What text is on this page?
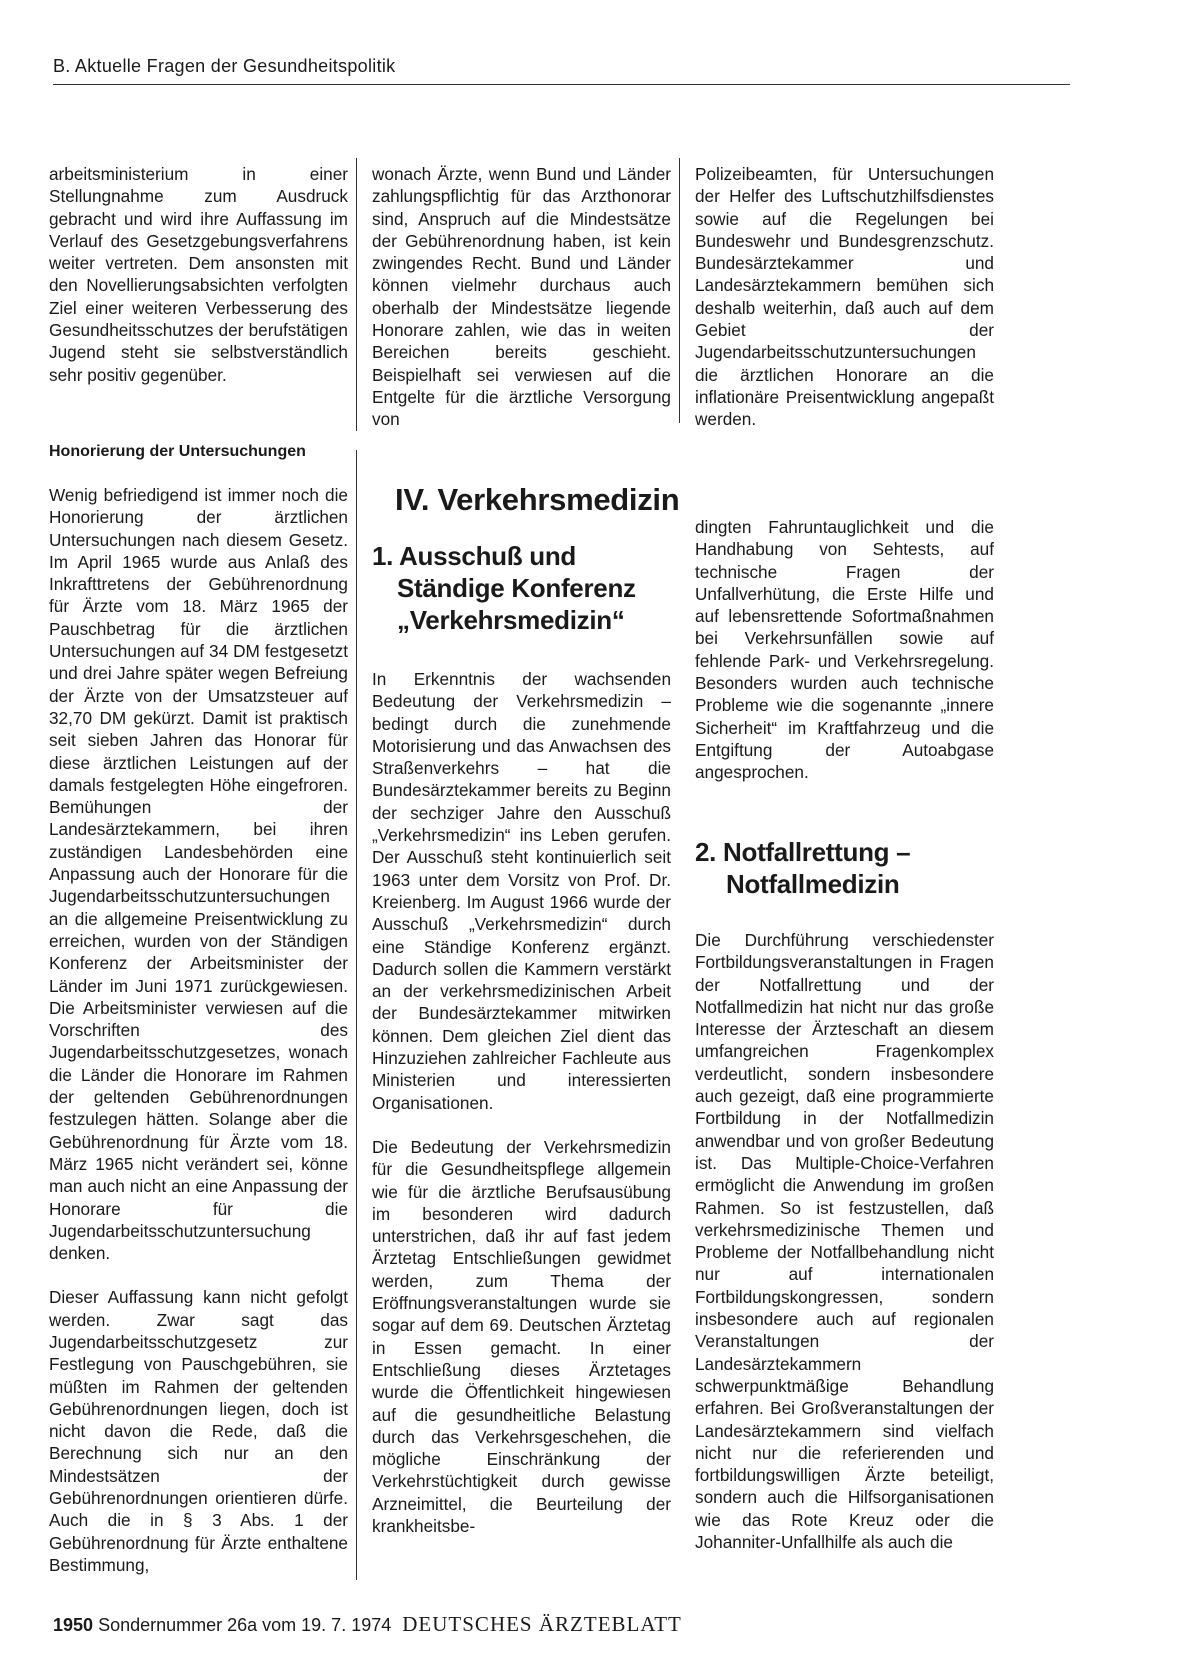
B. Aktuelle Fragen der Gesundheitspolitik

arbeitsministerium in einer Stellungnahme zum Ausdruck gebracht und wird ihre Auffassung im Verlauf des Gesetzgebungsverfahrens weiter vertreten. Dem ansonsten mit den Novellierungsabsichten verfolgten Ziel einer weiteren Verbesserung des Gesundheitsschutzes der berufstätigen Jugend steht sie selbstverständlich sehr positiv gegenüber.

Honorierung der Untersuchungen

Wenig befriedigend ist immer noch die Honorierung der ärztlichen Untersuchungen nach diesem Gesetz. Im April 1965 wurde aus Anlaß des Inkrafttretens der Gebührenordnung für Ärzte vom 18. März 1965 der Pauschbetrag für die ärztlichen Untersuchungen auf 34 DM festgesetzt und drei Jahre später wegen Befreiung der Ärzte von der Umsatzsteuer auf 32,70 DM gekürzt. Damit ist praktisch seit sieben Jahren das Honorar für diese ärztlichen Leistungen auf der damals festgelegten Höhe eingefroren. Bemühungen der Landesärztekammern, bei ihren zuständigen Landesbehörden eine Anpassung auch der Honorare für die Jugendarbeitsschutzuntersuchungen an die allgemeine Preisentwicklung zu erreichen, wurden von der Ständigen Konferenz der Arbeitsminister der Länder im Juni 1971 zurückgewiesen. Die Arbeitsminister verwiesen auf die Vorschriften des Jugendarbeitsschutzgesetzes, wonach die Länder die Honorare im Rahmen der geltenden Gebührenordnungen festzulegen hätten. Solange aber die Gebührenordnung für Ärzte vom 18. März 1965 nicht verändert sei, könne man auch nicht an eine Anpassung der Honorare für die Jugendarbeitsschutzuntersuchung denken.

Dieser Auffassung kann nicht gefolgt werden. Zwar sagt das Jugendarbeitsschutzgesetz zur Festlegung von Pauschgebühren, sie müßten im Rahmen der geltenden Gebührenordnungen liegen, doch ist nicht davon die Rede, daß die Berechnung sich nur an den Mindestsätzen der Gebührenordnungen orientieren dürfe. Auch die in § 3 Abs. 1 der Gebührenordnung für Ärzte enthaltene Bestimmung,

wonach Ärzte, wenn Bund und Länder zahlungspflichtig für das Arzthonorar sind, Anspruch auf die Mindestsätze der Gebührenordnung haben, ist kein zwingendes Recht. Bund und Länder können vielmehr durchaus auch oberhalb der Mindestsätze liegende Honorare zahlen, wie das in weiten Bereichen bereits geschieht. Beispielhaft sei verwiesen auf die Entgelte für die ärztliche Versorgung von

Polizeibeamten, für Untersuchungen der Helfer des Luftschutzhilfsdienstes sowie auf die Regelungen bei Bundeswehr und Bundesgrenzschutz. Bundesärztekammer und Landesärztekammern bemühen sich deshalb weiterhin, daß auch auf dem Gebiet der Jugendarbeitsschutzuntersuchungen die ärztlichen Honorare an die inflationäre Preisentwicklung angepaßt werden.

IV. Verkehrsmedizin
1. Ausschuß und
Ständige Konferenz
„Verkehrsmedizin“

In Erkenntnis der wachsenden Bedeutung der Verkehrsmedizin – bedingt durch die zunehmende Motorisierung und das Anwachsen des Straßenverkehrs – hat die Bundesärztekammer bereits zu Beginn der sechziger Jahre den Ausschuß „Verkehrsmedizin“ ins Leben gerufen. Der Ausschuß steht kontinuierlich seit 1963 unter dem Vorsitz von Prof. Dr. Kreienberg. Im August 1966 wurde der Ausschuß „Verkehrsmedizin“ durch eine Ständige Konferenz ergänzt. Dadurch sollen die Kammern verstärkt an der verkehrsmedizinischen Arbeit der Bundesärztekammer mitwirken können. Dem gleichen Ziel dient das Hinzuziehen zahlreicher Fachleute aus Ministerien und interessierten Organisationen.

Die Bedeutung der Verkehrsmedizin für die Gesundheitspflege allgemein wie für die ärztliche Berufsausübung im besonderen wird dadurch unterstrichen, daß ihr auf fast jedem Ärztetag Entschließungen gewidmet werden, zum Thema der Eröffnungsveranstaltungen wurde sie sogar auf dem 69. Deutschen Ärztetag in Essen gemacht. In einer Entschließung dieses Ärztetages wurde die Öffentlichkeit hingewiesen auf die gesundheitliche Belastung durch das Verkehrsgeschehen, die mögliche Einschränkung der Verkehrstüchtigkeit durch gewisse Arzneimittel, die Beurteilung der krankheitsbe-

dingten Fahruntauglichkeit und die Handhabung von Sehtests, auf technische Fragen der Unfallverhütung, die Erste Hilfe und auf lebensrettende Sofortmaßnahmen bei Verkehrsunfällen sowie auf fehlende Park- und Verkehrsregelung. Besonders wurden auch technische Probleme wie die sogenannte „innere Sicherheit“ im Kraftfahrzeug und die Entgiftung der Autoabgase angesprochen.

2. Notfallrettung –
Notfallmedizin

Die Durchführung verschiedenster Fortbildungsveranstaltungen in Fragen der Notfallrettung und der Notfallmedizin hat nicht nur das große Interesse der Ärzteschaft an diesem umfangreichen Fragenkomplex verdeutlicht, sondern insbesondere auch gezeigt, daß eine programmierte Fortbildung in der Notfallmedizin anwendbar und von großer Bedeutung ist. Das Multiple-Choice-Verfahren ermöglicht die Anwendung im großen Rahmen. So ist festzustellen, daß verkehrsmedizinische Themen und Probleme der Notfallbehandlung nicht nur auf internationalen Fortbildungskongressen, sondern insbesondere auch auf regionalen Veranstaltungen der Landesärztekammern schwerpunktmäßige Behandlung erfahren. Bei Großveranstaltungen der Landesärztekammern sind vielfach nicht nur die referierenden und fortbildungswilligen Ärzte beteiligt, sondern auch die Hilfsorganisationen wie das Rote Kreuz oder die Johanniter-Unfallhilfe als auch die

1950 Sondernummer 26a vom 19. 7. 1974 DEUTSCHES ÄRZTEBLATT
